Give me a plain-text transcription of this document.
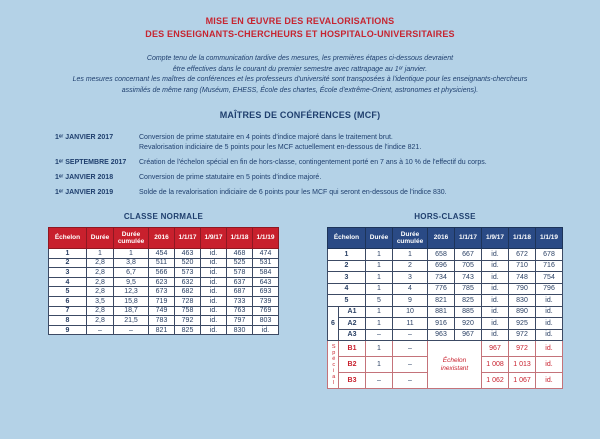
MISE EN ŒUVRE DES REVALORISATIONS
DES ENSEIGNANTS-CHERCHEURS ET HOSPITALO-UNIVERSITAIRES
Compte tenu de la communication tardive des mesures, les premières étapes ci-dessous devraient
être effectives dans le courant du premier semestre avec rattrapage au 1ᵉʳ janvier.
Les mesures concernant les maîtres de conférences et les professeurs d'université sont transposées à l'identique pour les enseignants-chercheurs
assimilés de même rang (Muséum, EHESS, École des chartes, École d'extrême-Orient, astronomes et physiciens).
MAÎTRES DE CONFÉRENCES (MCF)
1ᵉʳ JANVIER 2017	Conversion de prime statutaire en 4 points d'indice majoré dans le traitement brut.
Revalorisation indiciaire de 5 points pour les MCF actuellement en-dessous de l'indice 821.
1ᵉʳ SEPTEMBRE 2017	Création de l'échelon spécial en fin de hors-classe, contingentement porté en 7 ans à 10 % de l'effectif du corps.
1ᵉʳ JANVIER 2018	Conversion de prime statutaire en 5 points d'indice majoré.
1ᵉʳ JANVIER 2019	Solde de la revalorisation indiciaire de 6 points pour les MCF qui seront en-dessous de l'indice 830.
CLASSE NORMALE
Échelon	Durée	Durée cumulée	2016	1/1/17	1/9/17	1/1/18	1/1/19
1	1	1	454	463	id.	468	474
2	2,8	3,8	511	520	id.	525	531
3	2,8	6,7	566	573	id.	578	584
4	2,8	9,5	623	632	id.	637	643
5	2,8	12,3	673	682	id.	687	693
6	3,5	15,8	719	728	id.	733	739
7	2,8	18,7	749	758	id.	763	769
8	2,8	21,5	783	792	id.	797	803
9	–	–	821	825	id.	830	id.
HORS-CLASSE
Échelon		Durée	Durée cumulée	2016	1/1/17	1/9/17	1/1/18	1/1/19
1		1	1	658	667	id.	672	678
2		1	2	696	705	id.	710	716
3		1	3	734	743	id.	748	754
4		1	4	776	785	id.	790	796
5		5	9	821	825	id.	830	id.
6	A1	1	10	881	885	id.	890	id.
	A2	1	11	916	920	id.	925	id.
	A3	–	–	963	967	id.	972	id.
Spécial	B1	1	–	Échelon inexistant		967	972	id.
	B2	1	–			1 008	1 013	id.
	B3	–	–			1 062	1 067	id.
